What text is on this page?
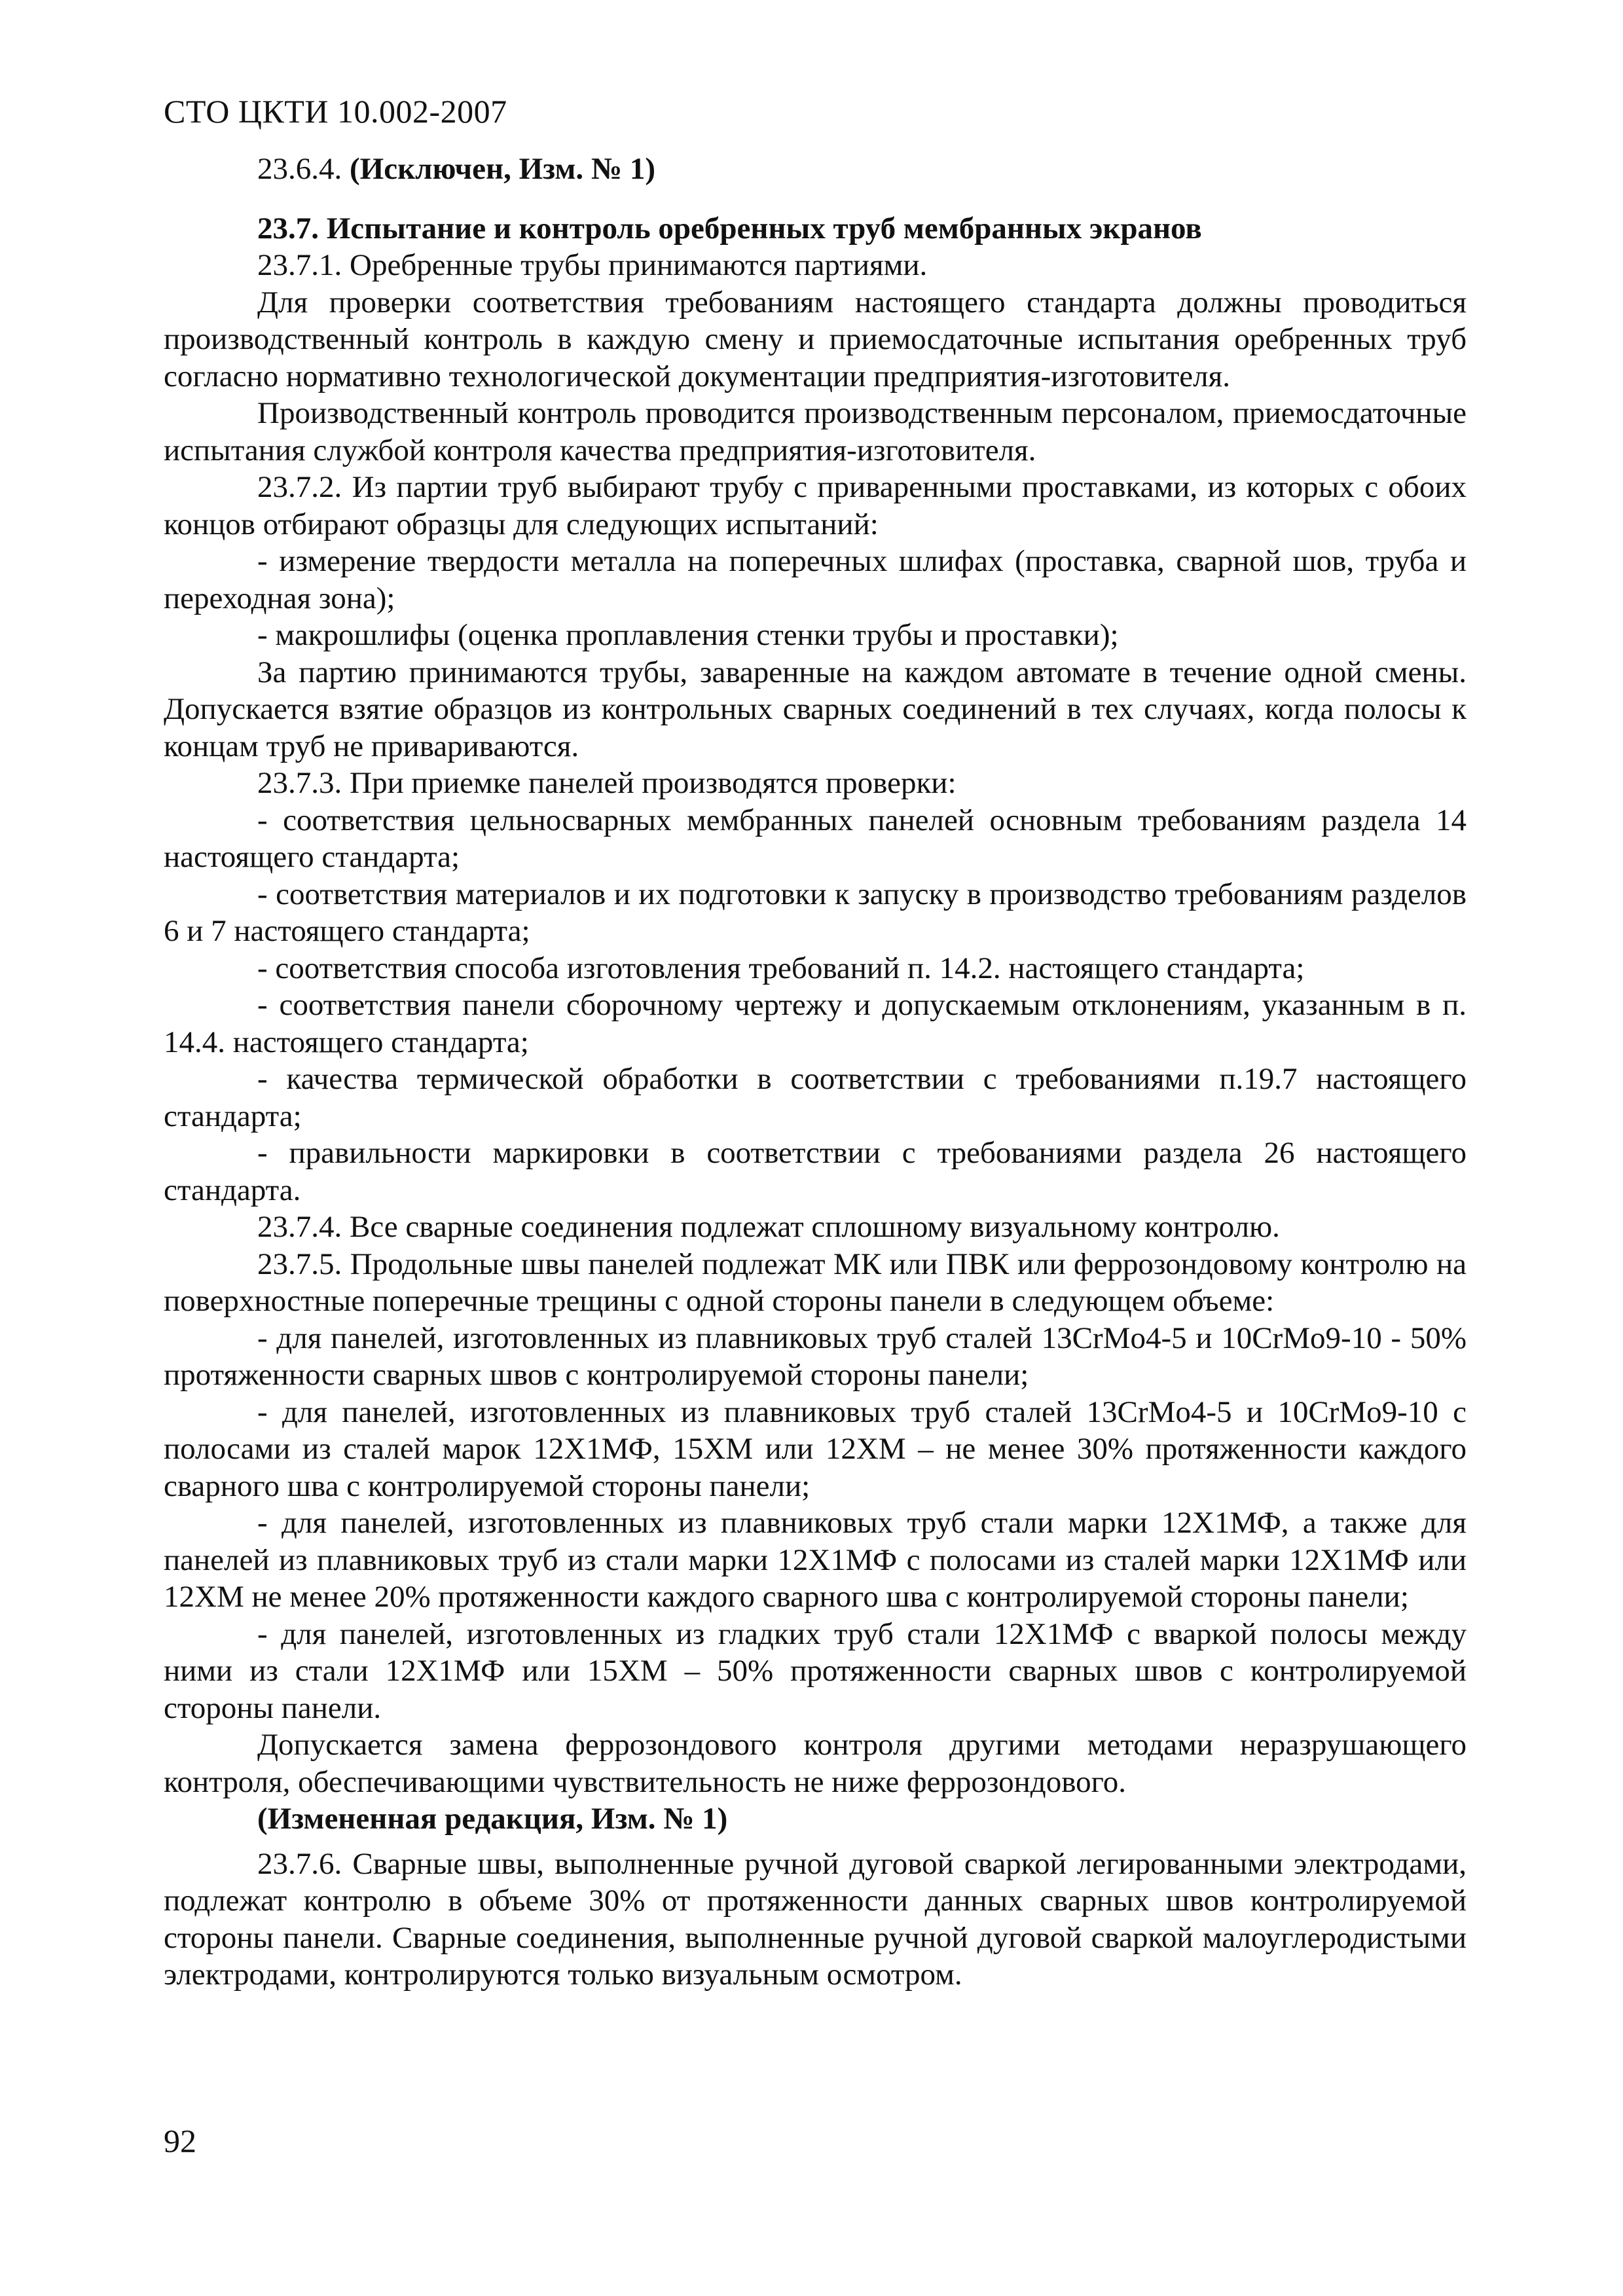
СТО ЦКТИ 10.002-2007

23.6.4. (Исключен, Изм. № 1)

23.7. Испытание и контроль оребренных труб мембранных экранов

23.7.1. Оребренные трубы принимаются партиями.

Для проверки соответствия требованиям настоящего стандарта должны проводиться производственный контроль в каждую смену и приемосдаточные испытания оребренных труб согласно нормативно технологической документации предприятия-изготовителя.

Производственный контроль проводится производственным персоналом, приемосдаточные испытания службой контроля качества предприятия-изготовителя.

23.7.2. Из партии труб выбирают трубу с приваренными проставками, из которых с обоих концов отбирают образцы для следующих испытаний:

- измерение твердости металла на поперечных шлифах (проставка, сварной шов, труба и переходная зона);

- макрошлифы (оценка проплавления стенки трубы и проставки);

За партию принимаются трубы, заваренные на каждом автомате в течение одной смены. Допускается взятие образцов из контрольных сварных соединений в тех случаях, когда полосы к концам труб не привариваются.

23.7.3. При приемке панелей производятся проверки:

- соответствия цельносварных мембранных панелей основным требованиям раздела 14 настоящего стандарта;

- соответствия материалов и их подготовки к запуску в производство требованиям разделов 6 и 7 настоящего стандарта;

- соответствия способа изготовления требований п. 14.2. настоящего стандарта;

- соответствия панели сборочному чертежу и допускаемым отклонениям, указанным в п. 14.4. настоящего стандарта;

- качества термической обработки в соответствии с требованиями п.19.7 настоящего стандарта;

- правильности маркировки в соответствии с требованиями раздела 26 настоящего стандарта.

23.7.4. Все сварные соединения подлежат сплошному визуальному контролю.

23.7.5. Продольные швы панелей подлежат МК или ПВК или феррозондовому контролю на поверхностные поперечные трещины с одной стороны панели в следующем объеме:

- для панелей, изготовленных из плавниковых труб сталей 13CrMo4-5 и 10CrMo9-10 - 50% протяженности сварных швов с контролируемой стороны панели;

- для панелей, изготовленных из плавниковых труб сталей 13CrMo4-5 и 10CrMo9-10 с полосами из сталей марок 12Х1МФ, 15ХМ или 12ХМ – не менее 30% протяженности каждого сварного шва с контролируемой стороны панели;

- для панелей, изготовленных из плавниковых труб стали марки 12Х1МФ, а также для панелей из плавниковых труб из стали марки 12Х1МФ с полосами из сталей марки 12Х1МФ или 12ХМ не менее 20% протяженности каждого сварного шва с контролируемой стороны панели;

- для панелей, изготовленных из гладких труб стали 12Х1МФ с вваркой полосы между ними из стали 12Х1МФ или 15ХМ – 50% протяженности сварных швов с контролируемой стороны панели.

Допускается замена феррозондового контроля другими методами неразрушающего контроля, обеспечивающими чувствительность не ниже феррозондового.

(Измененная редакция, Изм. № 1)

23.7.6. Сварные швы, выполненные ручной дуговой сваркой легированными электродами, подлежат контролю в объеме 30% от протяженности данных сварных швов контролируемой стороны панели. Сварные соединения, выполненные ручной дуговой сваркой малоуглеродистыми электродами, контролируются только визуальным осмотром.

92
